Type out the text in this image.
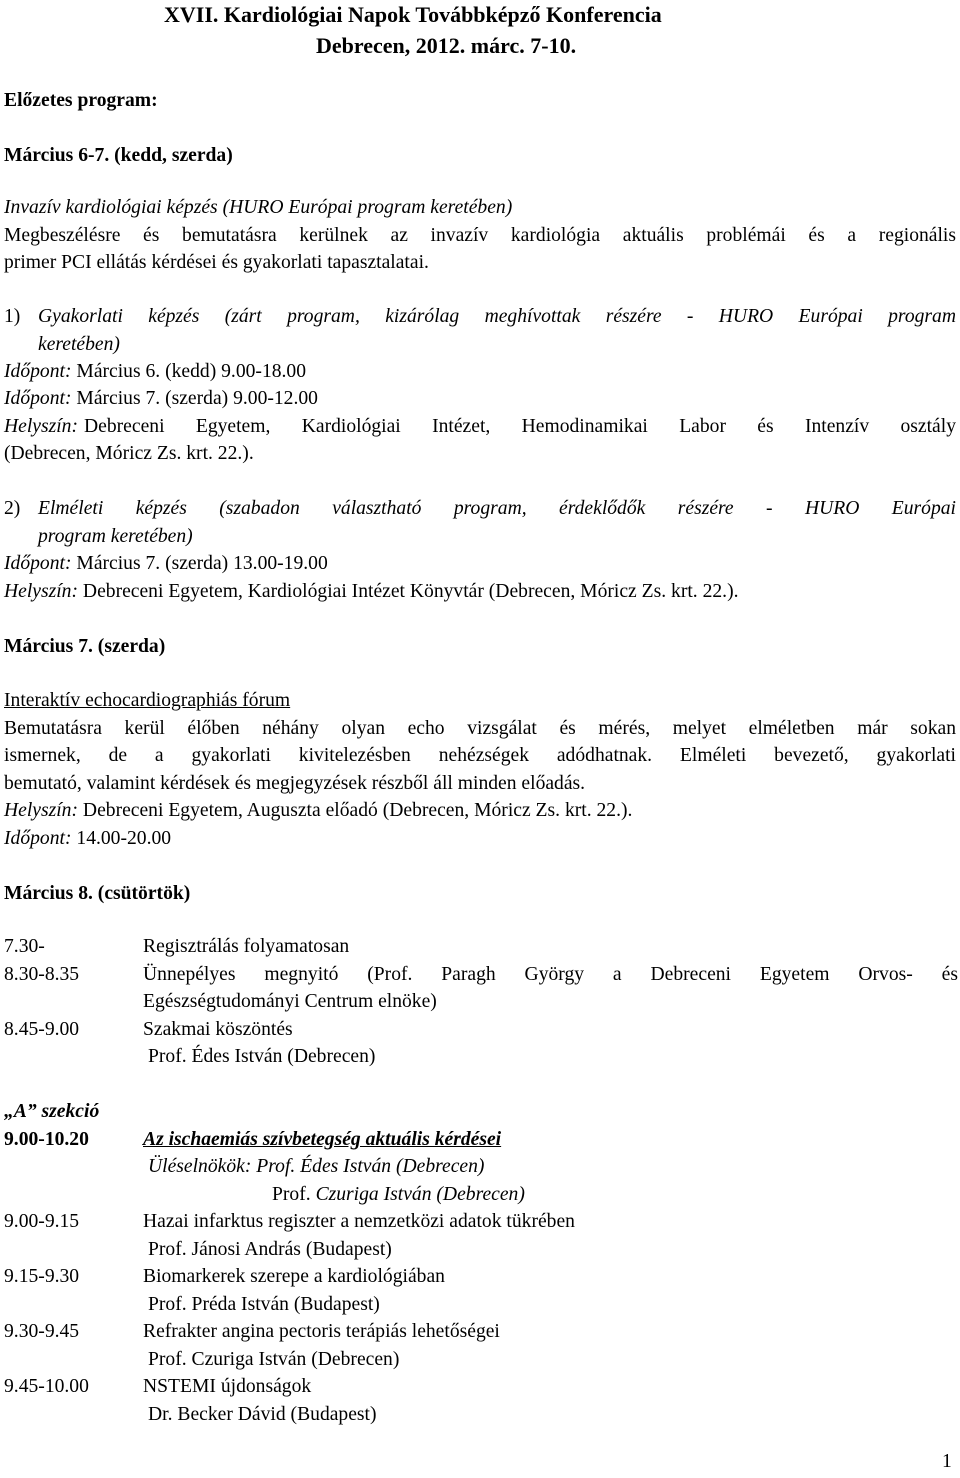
XVII. Kardiológiai Napok Továbbképző Konferencia
Debrecen, 2012. márc. 7-10.
Előzetes program:
Március 6-7. (kedd, szerda)
Invazív kardiológiai képzés (HURO Európai program keretében)
Megbeszélésre és bemutatásra kerülnek az invazív kardiológia aktuális problémái és a regionális
primer PCI ellátás kérdései és gyakorlati tapasztalatai.
1) Gyakorlati képzés (zárt program, kizárólag meghívottak részére - HURO Európai program
keretében)
Időpont: Március 6. (kedd) 9.00-18.00
Időpont: Március 7. (szerda) 9.00-12.00
Helyszín: Debreceni Egyetem, Kardiológiai Intézet, Hemodinamikai Labor és Intenzív osztály
(Debrecen, Móricz Zs. krt. 22.).
2) Elméleti képzés (szabadon választható program, érdeklődők részére - HURO Európai
program keretében)
Időpont: Március 7. (szerda) 13.00-19.00
Helyszín: Debreceni Egyetem, Kardiológiai Intézet Könyvtár (Debrecen, Móricz Zs. krt. 22.).
Március 7. (szerda)
Interaktív echocardiographiás fórum
Bemutatásra kerül élőben néhány olyan echo vizsgálat és mérés, melyet elméletben már sokan
ismernek, de a gyakorlati kivitelezésben nehézségek adódhatnak. Elméleti bevezető, gyakorlati
bemutató, valamint kérdések és megjegyzések részből áll minden előadás.
Helyszín: Debreceni Egyetem, Auguszta előadó (Debrecen, Móricz Zs. krt. 22.).
Időpont: 14.00-20.00
Március 8. (csütörtök)
7.30-	Regisztrálás folyamatosan
8.30-8.35	Ünnepélyes megnyitó (Prof. Paragh György a Debreceni Egyetem Orvos- és
Egészségtudományi Centrum elnöke)
8.45-9.00	Szakmai köszöntés
Prof. Édes István (Debrecen)
„A” szekció
9.00-10.20	Az ischaemiás szívbetegség aktuális kérdései
Üléselnökök: Prof. Édes István (Debrecen)
Prof. Czuriga István (Debrecen)
9.00-9.15	Hazai infarktus regiszter a nemzetközi adatok tükrében
Prof. Jánosi András (Budapest)
9.15-9.30	Biomarkerek szerepe a kardiológiában
Prof. Préda István (Budapest)
9.30-9.45	Refrakter angina pectoris terápiás lehetőségei
Prof. Czuriga István (Debrecen)
9.45-10.00	NSTEMI újdonságok
Dr. Becker Dávid (Budapest)
1
